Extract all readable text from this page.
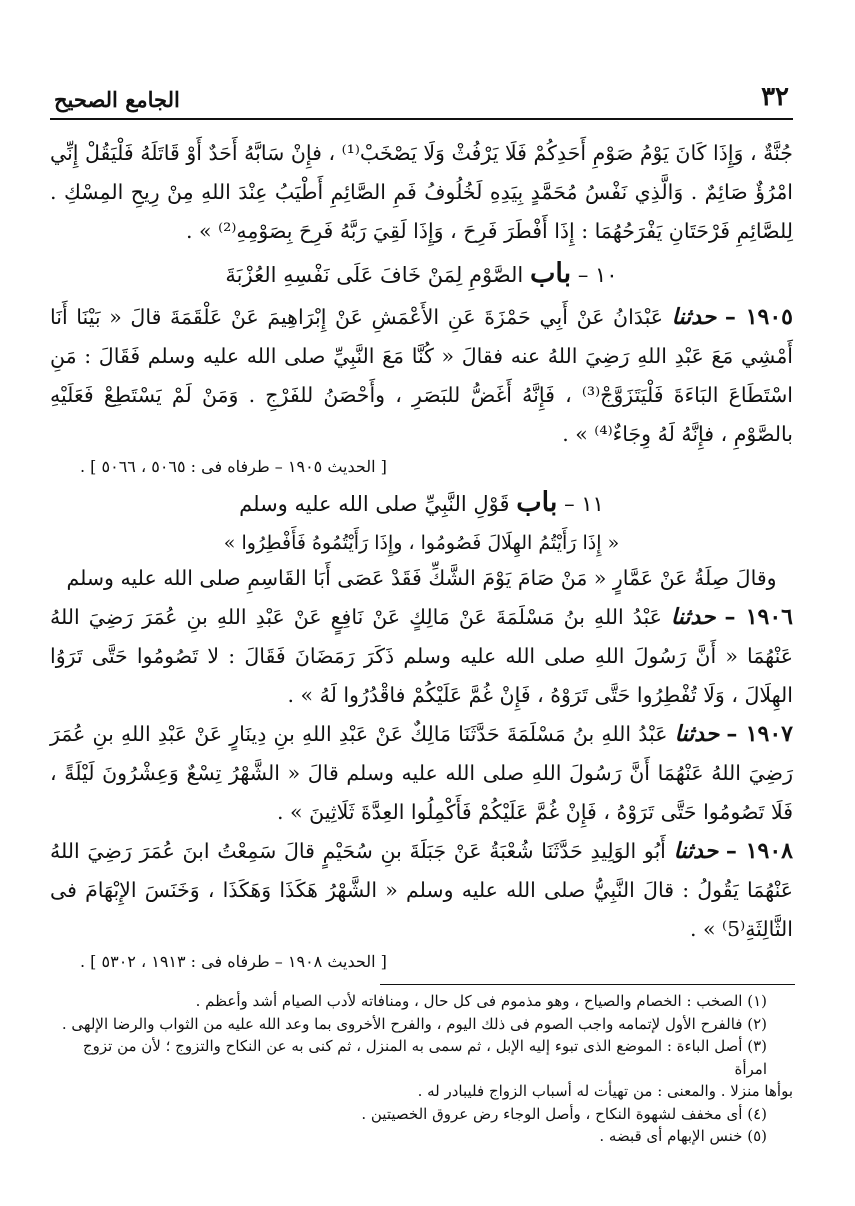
٣٢
الجامع الصحيح

جُنَّةٌ ، وَإِذَا كَانَ يَوْمُ صَوْمِ أَحَدِكُمْ فَلَا يَرْفُثْ وَلَا يَصْخَبْ⁽¹⁾ ، فإِنْ سَابَّهُ أَحَدٌ أَوْ قَاتَلَهُ فَلْيَقُلْ إِنِّي امْرُؤٌ صَائِمٌ . وَالَّذِي نَفْسُ مُحَمَّدٍ بِيَدِهِ لَخُلُوفُ فَمِ الصَّائِمِ أَطْيَبُ عِنْدَ اللهِ مِنْ رِيحِ المِسْكِ . لِلصَّائِمِ فَرْحَتَانِ يَفْرَحُهُمَا : إِذَا أَفْطَرَ فَرِحَ ، وَإِذَا لَقِيَ رَبَّهُ فَرِحَ بِصَوْمِهِ⁽²⁾ » .

١٠ – باب الصَّوْمِ لِمَنْ خَافَ عَلَى نَفْسِهِ العُزْبَةَ

١٩٠٥ – حدثنا عَبْدَانُ عَنْ أَبِي حَمْزَةَ عَنِ الأَعْمَشِ عَنْ إِبْرَاهِيمَ عَنْ عَلْقَمَةَ قالَ « بَيْنَا أَنَا أَمْشِي مَعَ عَبْدِ اللهِ رَضِيَ اللهُ عنه فقالَ « كُنَّا مَعَ النَّبِيِّ صلى الله عليه وسلم فَقَالَ : مَنِ اسْتَطَاعَ البَاءَةَ فَلْيَتَزَوَّجْ⁽³⁾ ، فَإِنَّهُ أَغَضُّ للبَصَرِ ، وأَحْصَنُ للفَرْجِ . وَمَنْ لَمْ يَسْتَطِعْ فَعَلَيْهِ بالصَّوْمِ ، فإِنَّهُ لَهُ وِجَاءٌ⁽⁴⁾ » .

[ الحديث ١٩٠٥ – طرفاه فى : ٥٠٦٥ ، ٥٠٦٦ ] .

١١ – باب قَوْلِ النَّبِيِّ صلى الله عليه وسلم

« إِذَا رَأَيْتُمُ الهِلَالَ فَصُومُوا ، وإِذَا رَأَيْتُمُوهُ فَأَفْطِرُوا »

وقالَ صِلَةُ عَنْ عَمَّارٍ « مَنْ صَامَ يَوْمَ الشَّكِّ فَقَدْ عَصَى أَبَا القَاسِمِ صلى الله عليه وسلم

١٩٠٦ – حدثنا عَبْدُ اللهِ بنُ مَسْلَمَةَ عَنْ مَالِكٍ عَنْ نَافِعٍ عَنْ عَبْدِ اللهِ بنِ عُمَرَ رَضِيَ اللهُ عَنْهُمَا « أَنَّ رَسُولَ اللهِ صلى الله عليه وسلم ذَكَرَ رَمَضَانَ فَقَالَ : لا تَصُومُوا حَتَّى تَرَوُا الهِلَالَ ، وَلَا تُفْطِرُوا حَتَّى تَرَوْهُ ، فَإِنْ غُمَّ عَلَيْكُمْ فاقْدُرُوا لَهُ » .

١٩٠٧ – حدثنا عَبْدُ اللهِ بنُ مَسْلَمَةَ حَدَّثَنَا مَالِكٌ عَنْ عَبْدِ اللهِ بنِ دِينَارٍ عَنْ عَبْدِ اللهِ بنِ عُمَرَ رَضِيَ اللهُ عَنْهُمَا أَنَّ رَسُولَ اللهِ صلى الله عليه وسلم قالَ « الشَّهْرُ تِسْعٌ وَعِشْرُونَ لَيْلَةً ، فَلَا تَصُومُوا حَتَّى تَرَوْهُ ، فَإِنْ غُمَّ عَلَيْكُمْ فَأَكْمِلُوا العِدَّةَ ثَلَاثِينَ » .

١٩٠٨ – حدثنا أَبُو الوَلِيدِ حَدَّثَنَا شُعْبَةُ عَنْ جَبَلَةَ بنِ سُحَيْمٍ قالَ سَمِعْتُ ابنَ عُمَرَ رَضِيَ اللهُ عَنْهُمَا يَقُولُ : قالَ النَّبِيُّ صلى الله عليه وسلم « الشَّهْرُ هَكَذَا وَهَكَذَا ، وَخَنَسَ الإِبْهَامَ فى الثَّالِثَةِ⁽5⁾ » .

[ الحديث ١٩٠٨ – طرفاه فى : ١٩١٣ ، ٥٣٠٢ ] .

(١) الصخب : الخصام والصياح ، وهو مذموم فى كل حال ، ومنافاته لأدب الصيام أشد وأعظم .

(٢) فالفرح الأول لإتمامه واجب الصوم فى ذلك اليوم ، والفرح الأخروى بما وعد الله عليه من الثواب والرضا الإلهى .

(٣) أصل الباءة : الموضع الذى تبوء إليه الإبل ، ثم سمى به المنزل ، ثم كنى به عن النكاح والتزوج ؛ لأن من تزوج امرأة

بوأها منزلا . والمعنى : من تهيأت له أسباب الزواج فليبادر له .

(٤) أى مخفف لشهوة النكاح ، وأصل الوجاء رض عروق الخصيتين .

(٥) خنس الإبهام أى قبضه .
